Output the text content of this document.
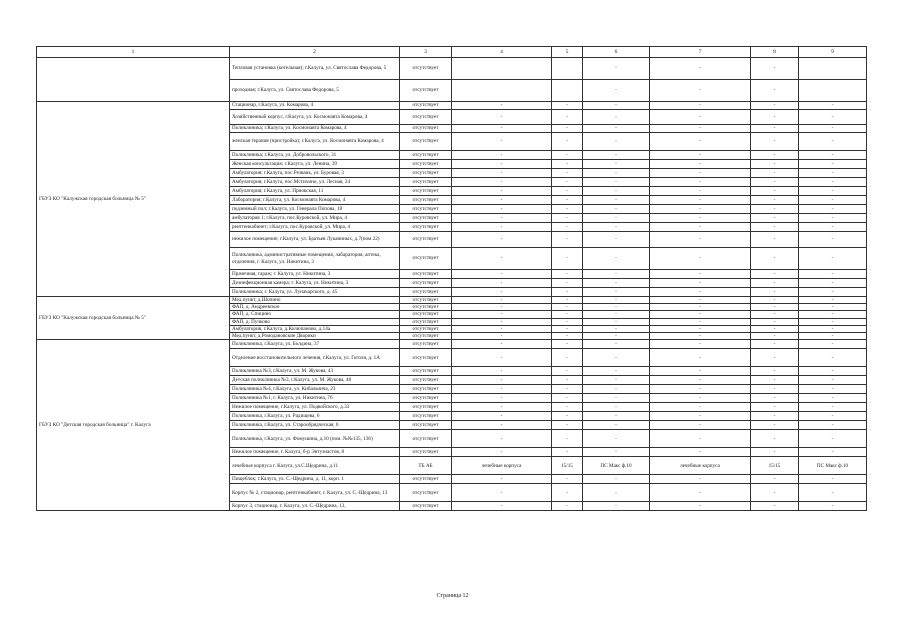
1	2	3	4	5	6	7	8	9
	Тепловая установка (котельная); г.Калуга, ул. Святослава Федорова, 5	отсутствует			-	-	-	
	проходная; г.Калуга, ул. Святослава Федорова, 5	отсутствует			-	-	-	
ГБУЗ КО "Калужская городская больница № 5"	Стационар, г.Калуга, ул. Комарова, 4	отсутствует	-	-	-	-	-	-
	Хозяйственный корпус, г.Калуга, ул. Космонавта Комарова, 4	отсутствует	-	-	-	-	-	-
	Поликлиника; г.Калуга, ул. Космонавта Комарова, 4	отсутствует	-	-	-	-	-	-
	женская терапия (пристройка); г.Калуга, ул. Космонавта Комарова, 4	отсутствует	-	-	-	-	-	-
	Поликлиника; г.Калуга, ул. Добровольского, 31	отсутствует	-	-	-	-	-	-
	Женская консультация; г.Калуга, ул. Ленина, 39	отсутствует	-	-	-	-	-	-
	Амбулатория; г.Калуга, пос.Резвань, ул. Буровая, 3	отсутствует	-	-	-	-	-	-
	Амбулатория; г.Калуга, пос.Мстихино, ул. Лесная, 24	отсутствует	-	-	-	-	-	-
	Амбулатория; г.Калуга, ул. Приокская, 11	отсутствует	-	-	-	-	-	-
	Лаборатория; г.Калуга, ул. Космонавта Комарова, 4	отсутствует	-	-	-	-	-	-
	подземный пол; г.Калуга, ул. Генерала Попова, 18	отсутствует	-	-	-	-	-	-
	амбулатория 1; г.Калуга, пос.Куровской, ул. Мира, 4	отсутствует	-	-	-	-	-	-
	рентгенкабинет; г.Калуга, пос.Куровской, ул. Мира, 4	отсутствует	-	-	-	-	-	-
	нежилое помещение; г.Калуга, ул. Братьев Луканиных, д.7(пом 22)	отсутствует	-	-	-	-	-	-
	Поликлиника, административные помещения, лабаратория, аптека, отделения, г. Калуга, ул. Никитина, 3	отсутствует	-	-	-	-	-	-
	Прачечная, гараж; г. Калуга, ул. Никитина, 3	отсутствует	-	-	-	-	-	-
	Дезинфекционная камера; г. Калуга, ул. Никитина, 3	отсутствует	-	-	-	-	-	-
	Поликлиника; г. Калуга, ул. Луначарского, д. 45	отсутствует	-	-	-	-	-	-
ГБУЗ КО "Калужская городская больница № 5"	Мед.пункт, д.Шопино	отсутствует	-	-	-	-	-	-
	ФАП, д. Андреевское	отсутствует	-	-	-	-	-	-
	ФАП, д. Спицино	отсутствует	-	-	-	-	-	-
	ФАП, д. Пучково	отсутствует	-	-	-	-	-	-
	Амбулатория, г.Калуга, д.Колюпаново, д.14а	отсутствует	-	-	-	-	-	-
	Мед.пункт, д.Ромодановские Дворики	отсутствует	-	-	-	-	-	-
ГБУЗ КО "Детская городская больница" г. Калуга	Поликлиника, г.Калуга, ул. Болдина, 37	отсутствует	-	-	-	-	-	-
	Отделение восстановительного лечения, г.Калуга, ул. Гоголя, д. 1А	отсутствует	-	-	-	-	-	-
	Поликлиника №3, г.Калуга, ул. М. Жукова, 43	отсутствует	-	-	-	-	-	-
	Детская поликлиника №3, г.Калуга, ул. М. Жукова, 48	отсутствует	-	-	-	-	-	-
	Поликлиника №4, г.Калуга, ул. Кибальчича, 23	отсутствует	-	-	-	-	-	-
	Поликлиника №1, г. Калуга, ул. Никитина, 76	отсутствует	-	-	-	-	-	-
	Нежилое помещение, г.Калуга, ул. Подвойского, д.33	отсутствует	-	-	-	-	-	-
	Поликлиника, г.Калуга, ул. Радищева, 6	отсутствует	-	-	-	-	-	-
	Поликлиника, г.Калуга, ул. Старообрядческая, 6	отсутствует	-	-	-	-	-	-
	Поликлиника, г.Калуга, ул. Фомушина, д.10 (пом. №№135, 136)	отсутствует	-	-	-	-	-	-
	Нежилое помещение, г. Калуга, б-р Энтузиастов, 8	отсутствует	-	-	-	-	-	-
	лечебные корпуса г. Калуга, ул.С.Щедрина, д.11	ТБ АБ	лечебные корпуса	15/15	ПС Макс ф.10	лечебные корпуса	15/15	ПС Макс ф.10
	Пищеблок; г.Калуга, ул. С.-Щедрина, д. 11, корп. 1	отсутствует	-	-	-	-	-	-
	Корпус № 2, стационар, рентгенкабинет, г. Калуга, ул. С.-Щедрина, 13	отсутствует	-	-	-	-	-	-
	Корпус 3, стационар, г. Калуга, ул. С.-Щедрина, 13,	отсутствует	-	-	-	-	-	-
Страница 12
